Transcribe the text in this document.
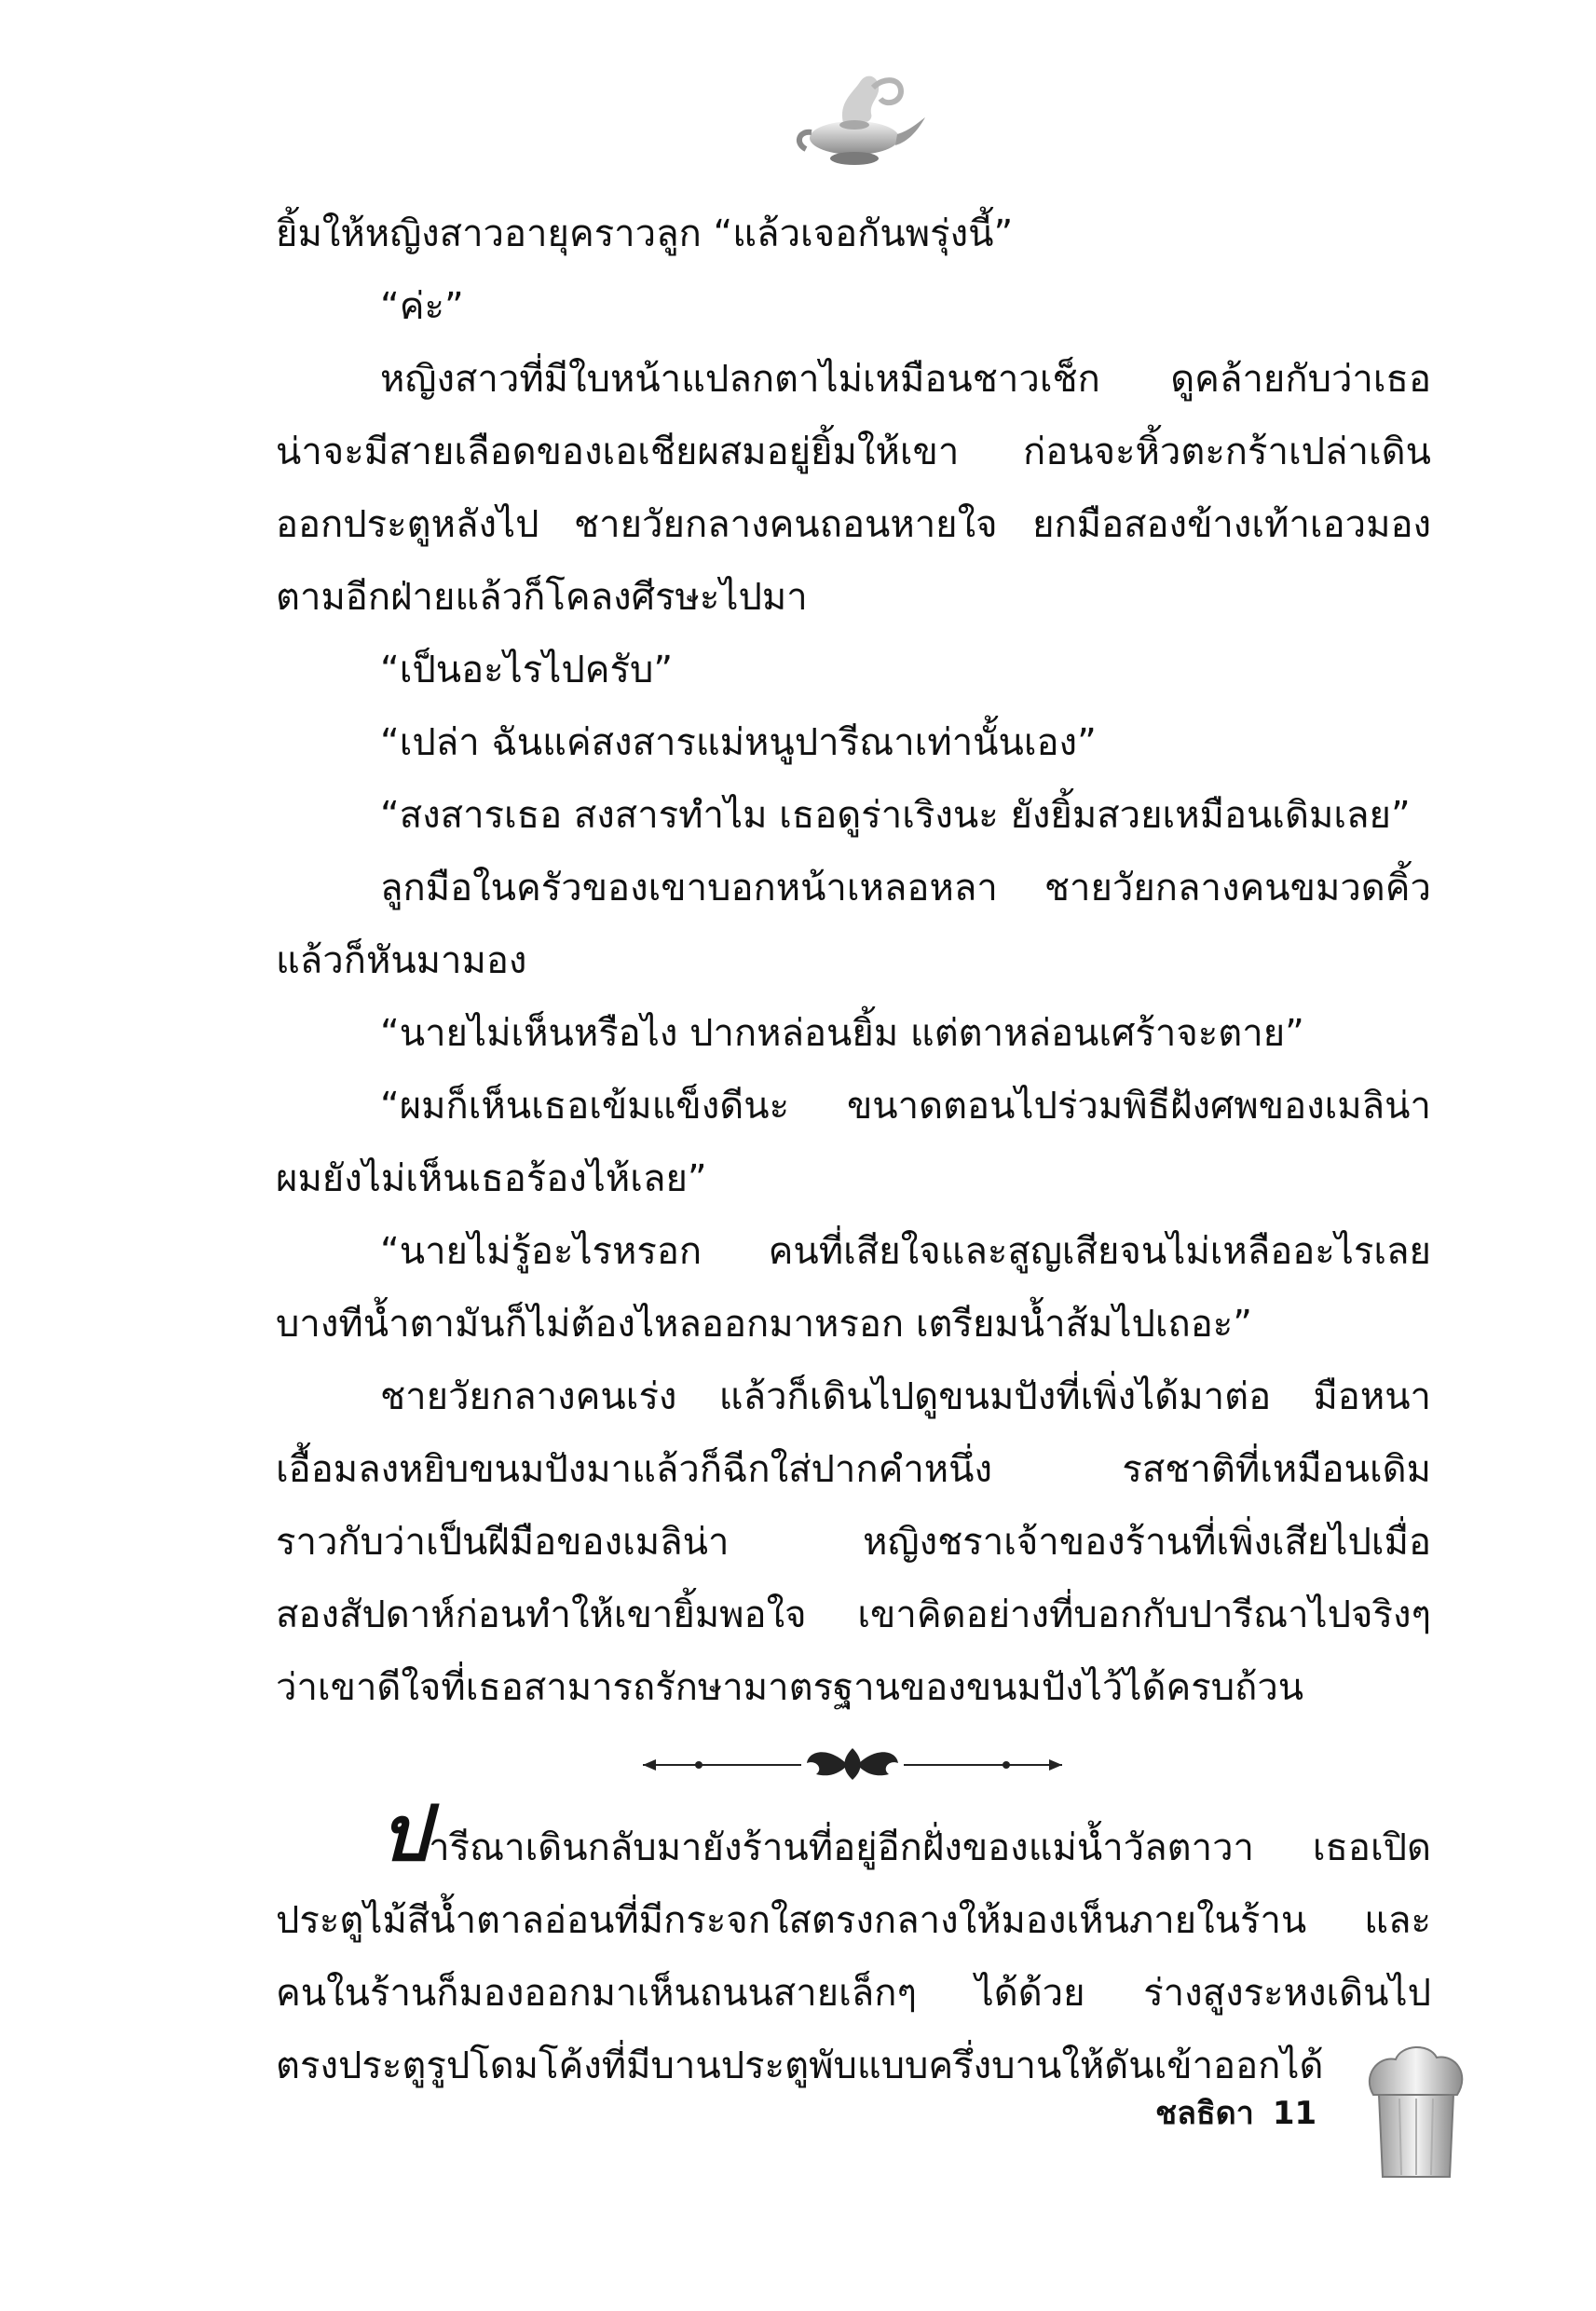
ยิ้มให้หญิงสาวอายุคราวลูก “แล้วเจอกันพรุ่งนี้”
“ค่ะ”
หญิงสาวที่มีใบหน้าแปลกตาไม่เหมือนชาวเช็ก ดูคล้ายกับว่าเธอ
น่าจะมีสายเลือดของเอเชียผสมอยู่ยิ้มให้เขา ก่อนจะหิ้วตะกร้าเปล่าเดิน
ออกประตูหลังไป ชายวัยกลางคนถอนหายใจ ยกมือสองข้างเท้าเอวมอง
ตามอีกฝ่ายแล้วก็โคลงศีรษะไปมา
“เป็นอะไรไปครับ”
“เปล่า ฉันแค่สงสารแม่หนูปารีณาเท่านั้นเอง”
“สงสารเธอ สงสารทำไม เธอดูร่าเริงนะ ยังยิ้มสวยเหมือนเดิมเลย”
ลูกมือในครัวของเขาบอกหน้าเหลอหลา ชายวัยกลางคนขมวดคิ้ว
แล้วก็หันมามอง
“นายไม่เห็นหรือไง ปากหล่อนยิ้ม แต่ตาหล่อนเศร้าจะตาย”
“ผมก็เห็นเธอเข้มแข็งดีนะ ขนาดตอนไปร่วมพิธีฝังศพของเมลิน่า
ผมยังไม่เห็นเธอร้องไห้เลย”
“นายไม่รู้อะไรหรอก คนที่เสียใจและสูญเสียจนไม่เหลืออะไรเลย
บางทีน้ำตามันก็ไม่ต้องไหลออกมาหรอก เตรียมน้ำส้มไปเถอะ”
ชายวัยกลางคนเร่ง แล้วก็เดินไปดูขนมปังที่เพิ่งได้มาต่อ มือหนา
เอื้อมลงหยิบขนมปังมาแล้วก็ฉีกใส่ปากคำหนึ่ง รสชาติที่เหมือนเดิม
ราวกับว่าเป็นฝีมือของเมลิน่า หญิงชราเจ้าของร้านที่เพิ่งเสียไปเมื่อ
สองสัปดาห์ก่อนทำให้เขายิ้มพอใจ เขาคิดอย่างที่บอกกับปารีณาไปจริงๆ
ว่าเขาดีใจที่เธอสามารถรักษามาตรฐานของขนมปังไว้ได้ครบถ้วน
ปารีณาเดินกลับมายังร้านที่อยู่อีกฝั่งของแม่น้ำวัลตาวา เธอเปิด
ประตูไม้สีน้ำตาลอ่อนที่มีกระจกใสตรงกลางให้มองเห็นภายในร้าน และ
คนในร้านก็มองออกมาเห็นถนนสายเล็กๆ ได้ด้วย ร่างสูงระหงเดินไป
ตรงประตูรูปโดมโค้งที่มีบานประตูพับแบบครึ่งบานให้ดันเข้าออกได้
ชลธิดา 11
